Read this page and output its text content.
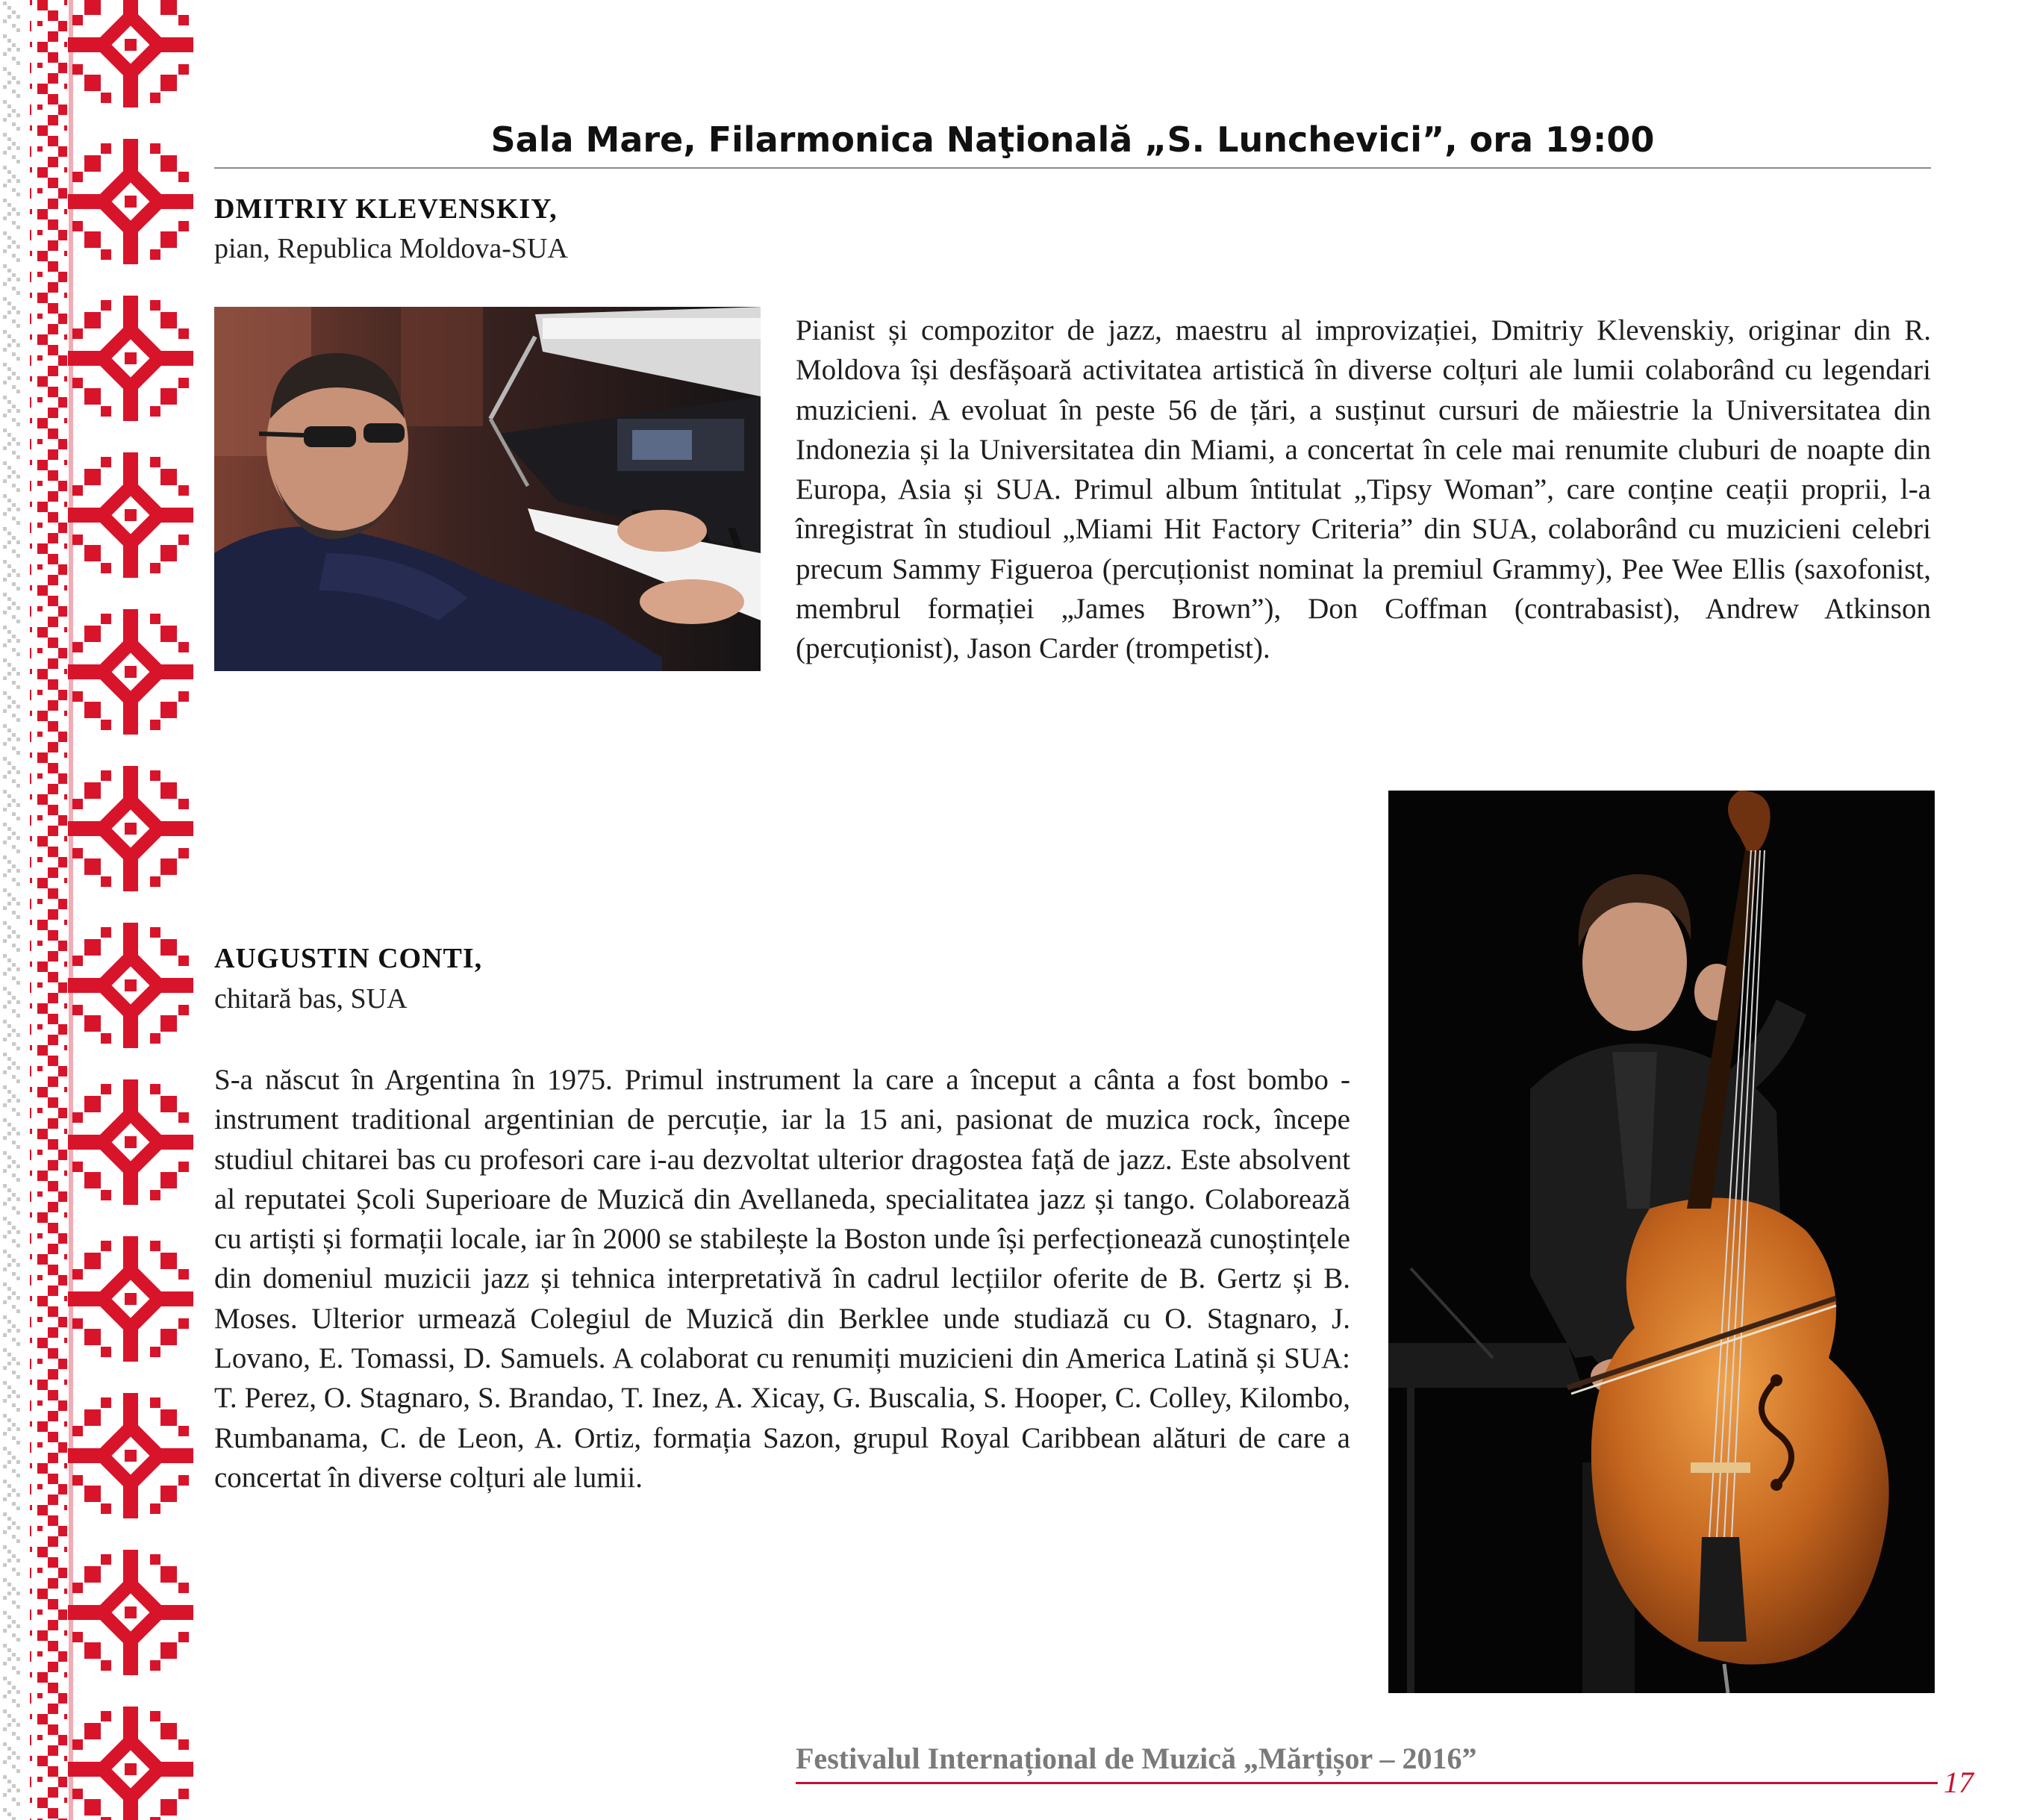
Sala Mare, Filarmonica Naţională „S. Lunchevici”, ora 19:00
DMITRIY KLEVENSKIY,
pian, Republica Moldova-SUA

Pianist și compozitor de jazz, maestru al improvizației, Dmitriy Klevenskiy, originar din R. Moldova își desfășoară activitatea artistică în diverse colțuri ale lumii colaborând cu legendari muzicieni. A evoluat în peste 56 de țări, a susținut cursuri de măiestrie la Universitatea din Indonezia și la Universitatea din Miami, a concertat în cele mai renumite cluburi de noapte din Europa, Asia și SUA. Primul album întitulat „Tipsy Woman”, care conține ceații proprii, l-a înregistrat în studioul „Miami Hit Factory Criteria” din SUA, colaborând cu muzicieni celebri precum Sammy Figueroa (percuționist nominat la premiul Grammy), Pee Wee Ellis (saxofonist, membrul formației „James Brown”), Don Coffman (contrabasist), Andrew Atkinson (percuționist), Jason Carder (trompetist).

AUGUSTIN CONTI,
chitară bas, SUA

S-a născut în Argentina în 1975. Primul instrument la care a început a cânta a fost bombo -instrument traditional argentinian de percuție, iar la 15 ani, pasionat de muzica rock, începe studiul chitarei bas cu profesori care i-au dezvoltat ulterior dragostea față de jazz. Este absolvent al reputatei Școli Superioare de Muzică din Avellaneda, specialitatea jazz și tango. Colaborează cu artiști și formații locale, iar în 2000 se stabilește la Boston unde își perfecționează cunoștințele din domeniul muzicii jazz și tehnica interpretativă în cadrul lecțiilor oferite de B. Gertz și B. Moses. Ulterior urmează Colegiul de Muzică din Berklee unde studiază cu O. Stagnaro, J. Lovano, E. Tomassi, D. Samuels. A colaborat cu renumiți muzicieni din America Latină și SUA: T. Perez, O. Stagnaro, S. Brandao, T. Inez, A. Xicay, G. Buscalia, S. Hooper, C. Colley, Kilombo, Rumbanama, C. de Leon, A. Ortiz, formația Sazon, grupul Royal Caribbean alături de care a concertat în diverse colțuri ale lumii.

Festivalul Internațional de Muzică „Mărțișor – 2016”
17
